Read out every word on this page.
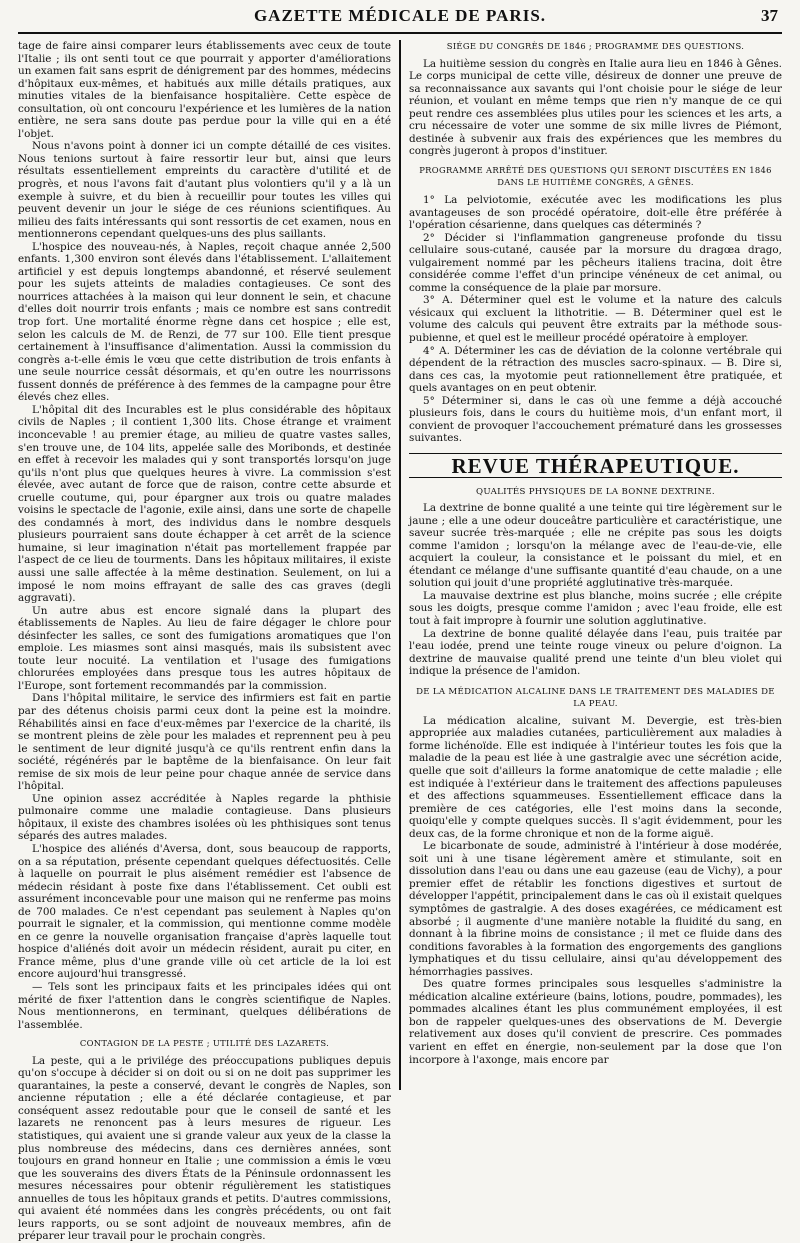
GAZETTE MÉDICALE DE PARIS.	37

tage de faire ainsi comparer leurs établissements avec ceux de toute l'Italie ; ils ont senti tout ce que pourrait y apporter d'améliorations un examen fait sans esprit de dénigrement par des hommes, médecins d'hôpitaux eux-mêmes, et habitués aux mille détails pratiques, aux minuties vitales de la bienfaisance hospitalière. Cette espèce de consultation, où ont concouru l'expérience et les lumières de la nation entière, ne sera sans doute pas perdue pour la ville qui en a été l'objet.

Nous n'avons point à donner ici un compte détaillé de ces visites. Nous tenions surtout à faire ressortir leur but, ainsi que leurs résultats essentiellement empreints du caractère d'utilité et de progrès, et nous l'avons fait d'autant plus volontiers qu'il y a là un exemple à suivre, et du bien à recueillir pour toutes les villes qui peuvent devenir un jour le siége de ces réunions scientifiques. Au milieu des faits intéressants qui sont ressortis de cet examen, nous en mentionnerons cependant quelques-uns des plus saillants.

L'hospice des nouveau-nés, à Naples, reçoit chaque année 2,500 enfants. 1,300 environ sont élevés dans l'établissement. L'allaitement artificiel y est depuis longtemps abandonné, et réservé seulement pour les sujets atteints de maladies contagieuses. Ce sont des nourrices attachées à la maison qui leur donnent le sein, et chacune d'elles doit nourrir trois enfants ; mais ce nombre est sans contredit trop fort. Une mortalité énorme règne dans cet hospice ; elle est, selon les calculs de M. de Renzi, de 77 sur 100. Elle tient presque certainement à l'insuffisance d'alimentation. Aussi la commission du congrès a-t-elle émis le vœu que cette distribution de trois enfants à une seule nourrice cessât désormais, et qu'en outre les nourrissons fussent donnés de préférence à des femmes de la campagne pour être élevés chez elles.

L'hôpital dit des Incurables est le plus considérable des hôpitaux civils de Naples ; il contient 1,300 lits. Chose étrange et vraiment inconcevable ! au premier étage, au milieu de quatre vastes salles, s'en trouve une, de 104 lits, appelée salle des Moribonds, et destinée en effet à recevoir les malades qui y sont transportés lorsqu'on juge qu'ils n'ont plus que quelques heures à vivre. La commission s'est élevée, avec autant de force que de raison, contre cette absurde et cruelle coutume, qui, pour épargner aux trois ou quatre malades voisins le spectacle de l'agonie, exile ainsi, dans une sorte de chapelle des condamnés à mort, des individus dans le nombre desquels plusieurs pourraient sans doute échapper à cet arrêt de la science humaine, si leur imagination n'était pas mortellement frappée par l'aspect de ce lieu de tourments. Dans les hôpitaux militaires, il existe aussi une salle affectée à la même destination. Seulement, on lui a imposé le nom moins effrayant de salle des cas graves (degli aggravati).

Un autre abus est encore signalé dans la plupart des établissements de Naples. Au lieu de faire dégager le chlore pour désinfecter les salles, ce sont des fumigations aromatiques que l'on emploie. Les miasmes sont ainsi masqués, mais ils subsistent avec toute leur nocuité. La ventilation et l'usage des fumigations chlorurées employées dans presque tous les autres hôpitaux de l'Europe, sont fortement recommandés par la commission.

Dans l'hôpital militaire, le service des infirmiers est fait en partie par des détenus choisis parmi ceux dont la peine est la moindre. Réhabilités ainsi en face d'eux-mêmes par l'exercice de la charité, ils se montrent pleins de zèle pour les malades et reprennent peu à peu le sentiment de leur dignité jusqu'à ce qu'ils rentrent enfin dans la société, régénérés par le baptême de la bienfaisance. On leur fait remise de six mois de leur peine pour chaque année de service dans l'hôpital.

Une opinion assez accréditée à Naples regarde la phthisie pulmonaire comme une maladie contagieuse. Dans plusieurs hôpitaux, il existe des chambres isolées où les phthisiques sont tenus séparés des autres malades.

L'hospice des aliénés d'Aversa, dont, sous beaucoup de rapports, on a sa réputation, présente cependant quelques défectuosités. Celle à laquelle on pourrait le plus aisément remédier est l'absence de médecin résidant à poste fixe dans l'établissement. Cet oubli est assurément inconcevable pour une maison qui ne renferme pas moins de 700 malades. Ce n'est cependant pas seulement à Naples qu'on pourrait le signaler, et la commission, qui mentionne comme modèle en ce genre la nouvelle organisation française d'après laquelle tout hospice d'aliénés doit avoir un médecin résident, aurait pu citer, en France même, plus d'une grande ville où cet article de la loi est encore aujourd'hui transgressé.

— Tels sont les principaux faits et les principales idées qui ont mérité de fixer l'attention dans le congrès scientifique de Naples. Nous mentionnerons, en terminant, quelques délibérations de l'assemblée.

CONTAGION DE LA PESTE ; UTILITÉ DES LAZARETS.

La peste, qui a le privilége des préoccupations publiques depuis qu'on s'occupe à décider si on doit ou si on ne doit pas supprimer les quarantaines, la peste a conservé, devant le congrès de Naples, son ancienne réputation ; elle a été déclarée contagieuse, et par conséquent assez redoutable pour que le conseil de santé et les lazarets ne renoncent pas à leurs mesures de rigueur. Les statistiques, qui avaient une si grande valeur aux yeux de la classe la plus nombreuse des médecins, dans ces dernières années, sont toujours en grand honneur en Italie ; une commission a émis le vœu que les souverains des divers États de la Péninsule ordonnassent les mesures nécessaires pour obtenir régulièrement les statistiques annuelles de tous les hôpitaux grands et petits. D'autres commissions, qui avaient été nommées dans les congrès précédents, ou ont fait leurs rapports, ou se sont adjoint de nouveaux membres, afin de préparer leur travail pour le prochain congrès.

SIÉGE DU CONGRÈS DE 1846 ; PROGRAMME DES QUESTIONS.

La huitième session du congrès en Italie aura lieu en 1846 à Gênes. Le corps municipal de cette ville, désireux de donner une preuve de sa reconnaissance aux savants qui l'ont choisie pour le siége de leur réunion, et voulant en même temps que rien n'y manque de ce qui peut rendre ces assemblées plus utiles pour les sciences et les arts, a cru nécessaire de voter une somme de six mille livres de Piémont, destinée à subvenir aux frais des expériences que les membres du congrès jugeront à propos d'instituer.

PROGRAMME ARRÊTÉ DES QUESTIONS QUI SERONT DISCUTÉES EN 1846 DANS LE HUITIÈME CONGRÈS, A GÊNES.

1° La pelviotomie, exécutée avec les modifications les plus avantageuses de son procédé opératoire, doit-elle être préférée à l'opération césarienne, dans quelques cas déterminés ?

2° Décider si l'inflammation gangreneuse profonde du tissu cellulaire sous-cutané, causée par la morsure du dragœa drago, vulgairement nommé par les pêcheurs italiens tracina, doit être considérée comme l'effet d'un principe vénéneux de cet animal, ou comme la conséquence de la plaie par morsure.

3° A. Déterminer quel est le volume et la nature des calculs vésicaux qui excluent la lithotritie. — B. Déterminer quel est le volume des calculs qui peuvent être extraits par la méthode sous-pubienne, et quel est le meilleur procédé opératoire à employer.

4° A. Déterminer les cas de déviation de la colonne vertébrale qui dépendent de la rétraction des muscles sacro-spinaux. — B. Dire si, dans ces cas, la myotomie peut rationnellement être pratiquée, et quels avantages on en peut obtenir.

5° Déterminer si, dans le cas où une femme a déjà accouché plusieurs fois, dans le cours du huitième mois, d'un enfant mort, il convient de provoquer l'accouchement prématuré dans les grossesses suivantes.

REVUE THÉRAPEUTIQUE.
QUALITÉS PHYSIQUES DE LA BONNE DEXTRINE.

La dextrine de bonne qualité a une teinte qui tire légèrement sur le jaune ; elle a une odeur douceâtre particulière et caractéristique, une saveur sucrée très-marquée ; elle ne crépite pas sous les doigts comme l'amidon ; lorsqu'on la mélange avec de l'eau-de-vie, elle acquiert la couleur, la consistance et le poissant du miel, et en étendant ce mélange d'une suffisante quantité d'eau chaude, on a une solution qui jouit d'une propriété agglutinative très-marquée.

La mauvaise dextrine est plus blanche, moins sucrée ; elle crépite sous les doigts, presque comme l'amidon ; avec l'eau froide, elle est tout à fait impropre à fournir une solution agglutinative.

La dextrine de bonne qualité délayée dans l'eau, puis traitée par l'eau iodée, prend une teinte rouge vineux ou pelure d'oignon. La dextrine de mauvaise qualité prend une teinte d'un bleu violet qui indique la présence de l'amidon.

DE LA MÉDICATION ALCALINE DANS LE TRAITEMENT DES MALADIES DE LA PEAU.

La médication alcaline, suivant M. Devergie, est très-bien appropriée aux maladies cutanées, particulièrement aux maladies à forme lichénoïde. Elle est indiquée à l'intérieur toutes les fois que la maladie de la peau est liée à une gastralgie avec une sécrétion acide, quelle que soit d'ailleurs la forme anatomique de cette maladie ; elle est indiquée à l'extérieur dans le traitement des affections papuleuses et des affections squammeuses. Essentiellement efficace dans la première de ces catégories, elle l'est moins dans la seconde, quoiqu'elle y compte quelques succès. Il s'agit évidemment, pour les deux cas, de la forme chronique et non de la forme aiguë.

Le bicarbonate de soude, administré à l'intérieur à dose modérée, soit uni à une tisane légèrement amère et stimulante, soit en dissolution dans l'eau ou dans une eau gazeuse (eau de Vichy), a pour premier effet de rétablir les fonctions digestives et surtout de développer l'appétit, principalement dans le cas où il existait quelques symptômes de gastralgie. A des doses exagérées, ce médicament est absorbé ; il augmente d'une manière notable la fluidité du sang, en donnant à la fibrine moins de consistance ; il met ce fluide dans des conditions favorables à la formation des engorgements des ganglions lymphatiques et du tissu cellulaire, ainsi qu'au développement des hémorrhagies passives.

Des quatre formes principales sous lesquelles s'administre la médication alcaline extérieure (bains, lotions, poudre, pommades), les pommades alcalines étant les plus communément employées, il est bon de rappeler quelques-unes des observations de M. Devergie relativement aux doses qu'il convient de prescrire. Ces pommades varient en effet en énergie, non-seulement par la dose que l'on incorpore à l'axonge, mais encore par
